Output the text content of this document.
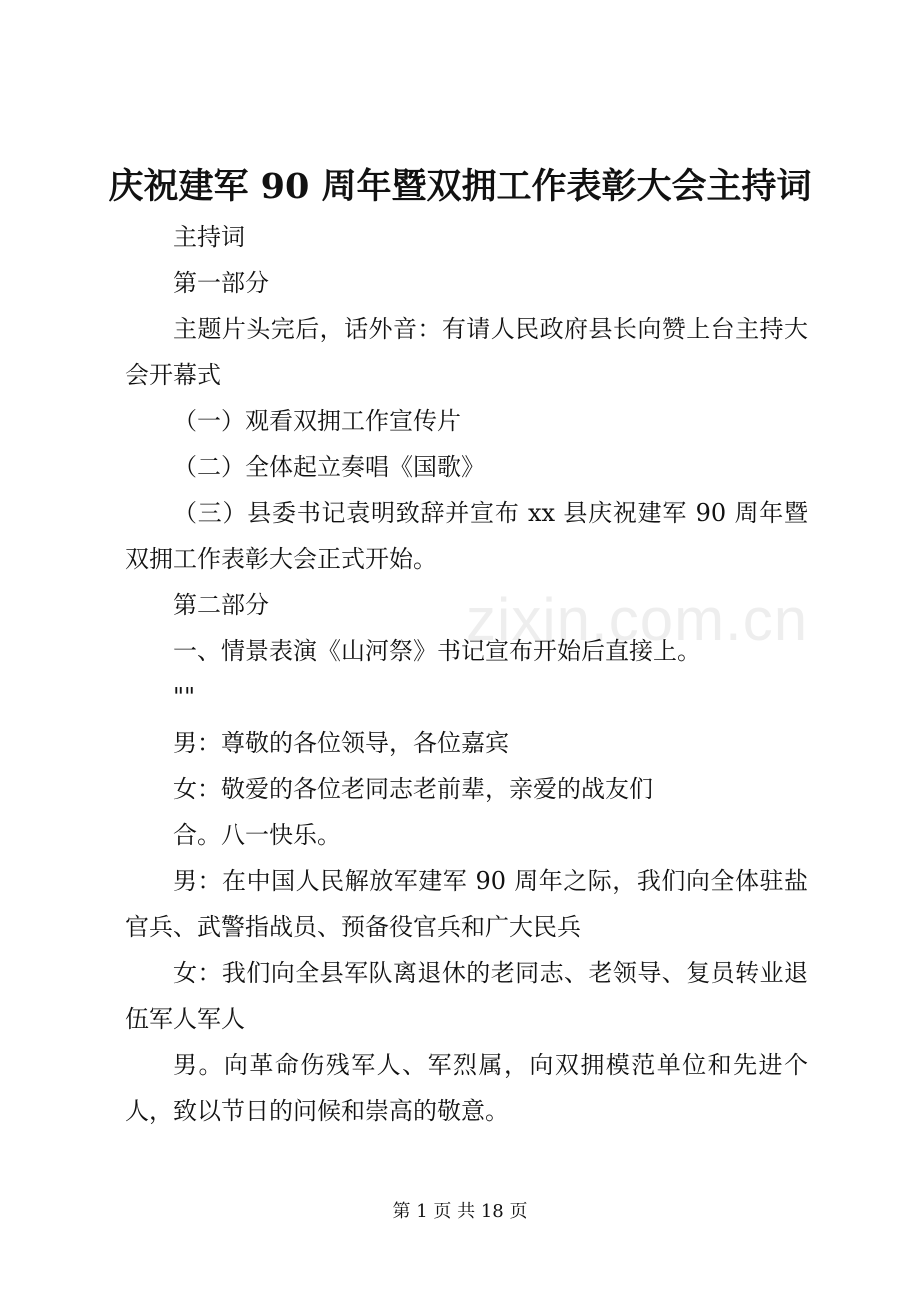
zixin.com.cn
庆祝建军 90 周年暨双拥工作表彰大会主持词

主持词

第一部分

主题片头完后，话外音：有请人民政府县长向赞上台主持大会开幕式

（一）观看双拥工作宣传片

（二）全体起立奏唱《国歌》

（三）县委书记袁明致辞并宣布 xx 县庆祝建军 90 周年暨双拥工作表彰大会正式开始。

第二部分

一、情景表演《山河祭》书记宣布开始后直接上。

""

男：尊敬的各位领导，各位嘉宾

女：敬爱的各位老同志老前辈，亲爱的战友们

合。八一快乐。

男：在中国人民解放军建军 90 周年之际，我们向全体驻盐官兵、武警指战员、预备役官兵和广大民兵

女：我们向全县军队离退休的老同志、老领导、复员转业退伍军人军人

男。向革命伤残军人、军烈属，向双拥模范单位和先进个人，致以节日的问候和崇高的敬意。

第 1 页 共 18 页
